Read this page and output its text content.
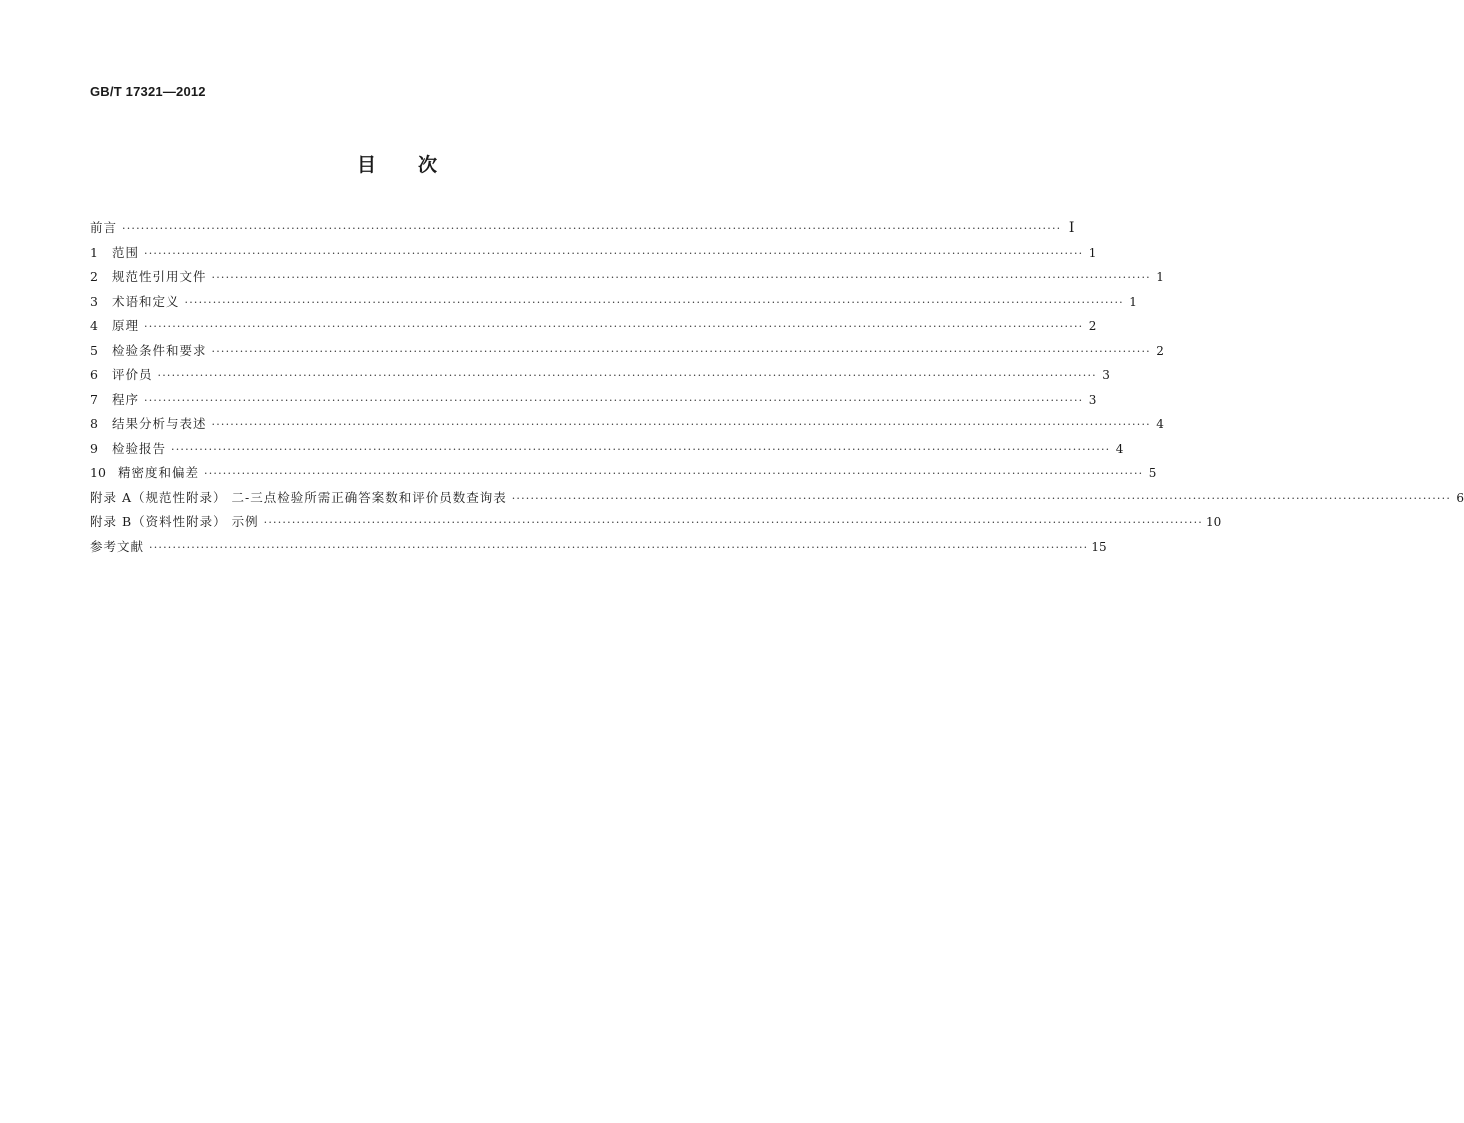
GB/T 17321—2012
目次
前言 ········································································································································································································ Ⅰ
1	范围 ········································································································································································································ 1
2	规范性引用文件 ········································································································································································································ 1
3	术语和定义 ········································································································································································································ 1
4	原理 ········································································································································································································ 2
5	检验条件和要求 ········································································································································································································ 2
6	评价员 ········································································································································································································ 3
7	程序 ········································································································································································································ 3
8	结果分析与表述 ········································································································································································································ 4
9	检验报告 ········································································································································································································ 4
10 精密度和偏差 ········································································································································································································ 5
附录 A（规范性附录） 二-三点检验所需正确答案数和评价员数查询表 ········································································································································································································ 6
附录 B（资料性附录） 示例 ········································································································································································································ 10
参考文献 ········································································································································································································ 15
